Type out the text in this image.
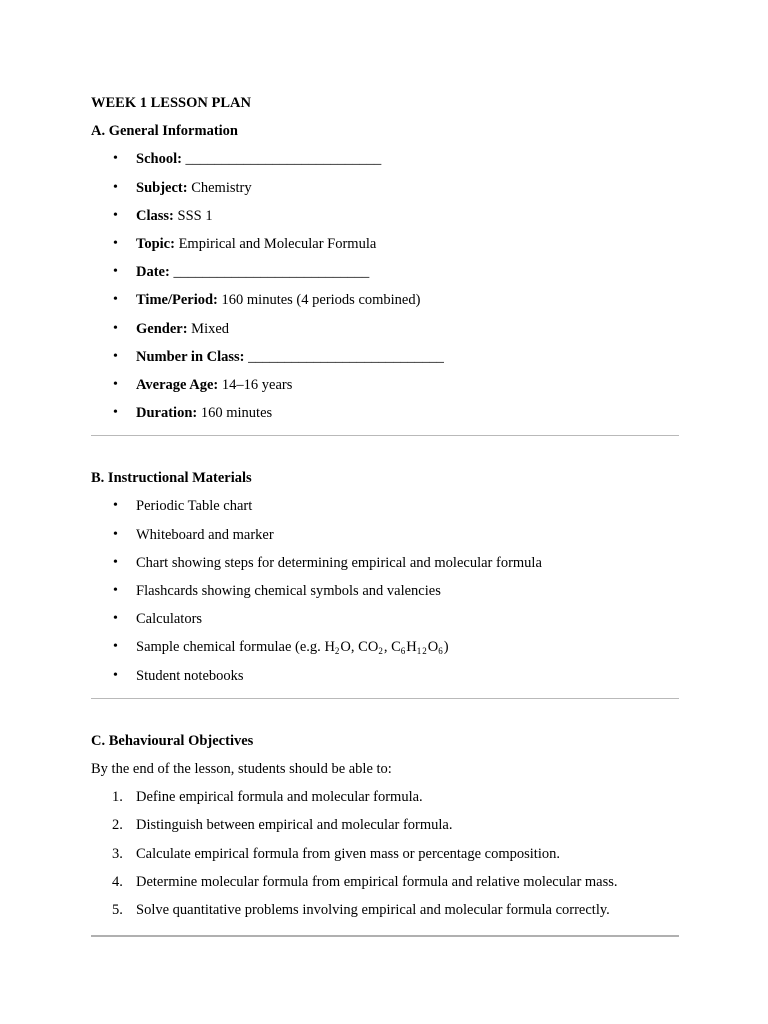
WEEK 1 LESSON PLAN
A. General Information
• School: ___________________________
• Subject: Chemistry
• Class: SSS 1
• Topic: Empirical and Molecular Formula
• Date: ___________________________
• Time/Period: 160 minutes (4 periods combined)
• Gender: Mixed
• Number in Class: ___________________________
• Average Age: 14–16 years
• Duration: 160 minutes
B. Instructional Materials
• Periodic Table chart
• Whiteboard and marker
• Chart showing steps for determining empirical and molecular formula
• Flashcards showing chemical symbols and valencies
• Calculators
• Sample chemical formulae (e.g. $H_2O$, $CO_2$, $C_6H_{12}O_6$)
• Student notebooks
C. Behavioural Objectives
By the end of the lesson, students should be able to:
1. Define empirical formula and molecular formula.
2. Distinguish between empirical and molecular formula.
3. Calculate empirical formula from given mass or percentage composition.
4. Determine molecular formula from empirical formula and relative molecular mass.
5. Solve quantitative problems involving empirical and molecular formula correctly.
